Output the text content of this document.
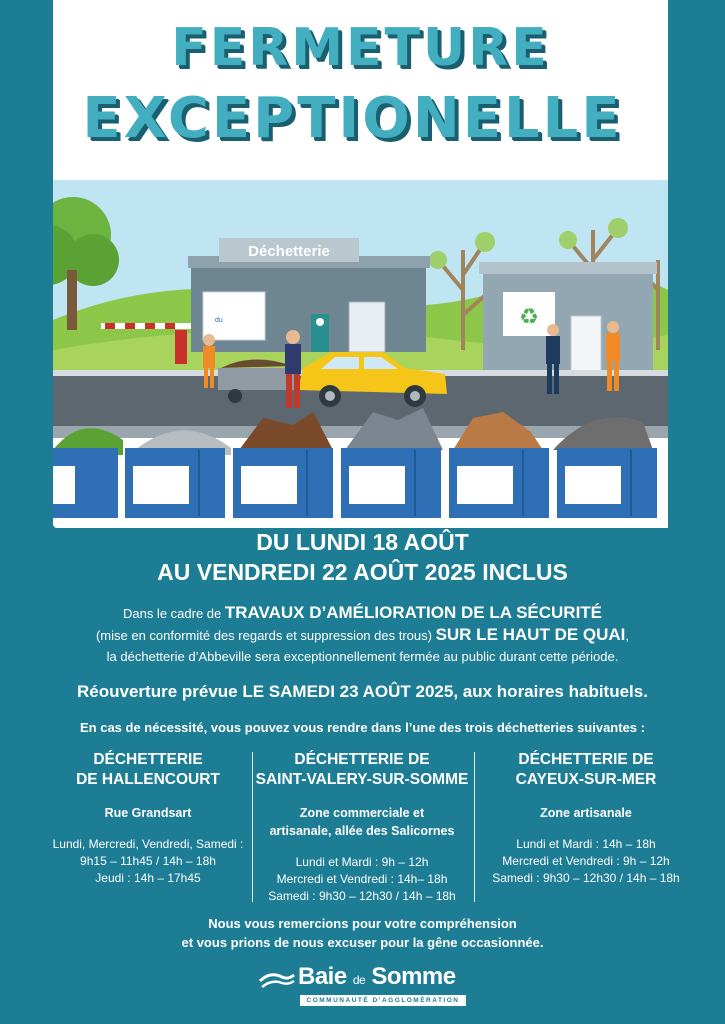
FERMETURE
EXCEPTIONELLE
Déchetterie
du	♻
DU LUNDI 18 AOÛT
AU VENDREDI 22 AOÛT 2025 INCLUS
Dans le cadre de TRAVAUX D’AMÉLIORATION DE LA SÉCURITÉ
(mise en conformité des regards et suppression des trous) SUR LE HAUT DE QUAI,
la déchetterie d’Abbeville sera exceptionnellement fermée au public durant cette période.
Réouverture prévue LE SAMEDI 23 AOÛT 2025, aux horaires habituels.
En cas de nécessité, vous pouvez vous rendre dans l’une des trois déchetteries suivantes :
DÉCHETTERIE
DE HALLENCOURT
Rue Grandsart
Lundi, Mercredi, Vendredi, Samedi :
9h15 – 11h45 / 14h – 18h
Jeudi : 14h – 17h45
DÉCHETTERIE DE
SAINT-VALERY-SUR-SOMME
Zone commerciale et
artisanale, allée des Salicornes
Lundi et Mardi : 9h – 12h
Mercredi et Vendredi : 14h– 18h
Samedi : 9h30 – 12h30 / 14h – 18h
DÉCHETTERIE DE
CAYEUX-SUR-MER
Zone artisanale
Lundi et Mardi : 14h – 18h
Mercredi et Vendredi : 9h – 12h
Samedi : 9h30 – 12h30 / 14h – 18h
Nous vous remercions pour votre compréhension
et vous prions de nous excuser pour la gêne occasionnée.
Baie de Somme
COMMUNAUTÉ D’AGGLOMÉRATION
